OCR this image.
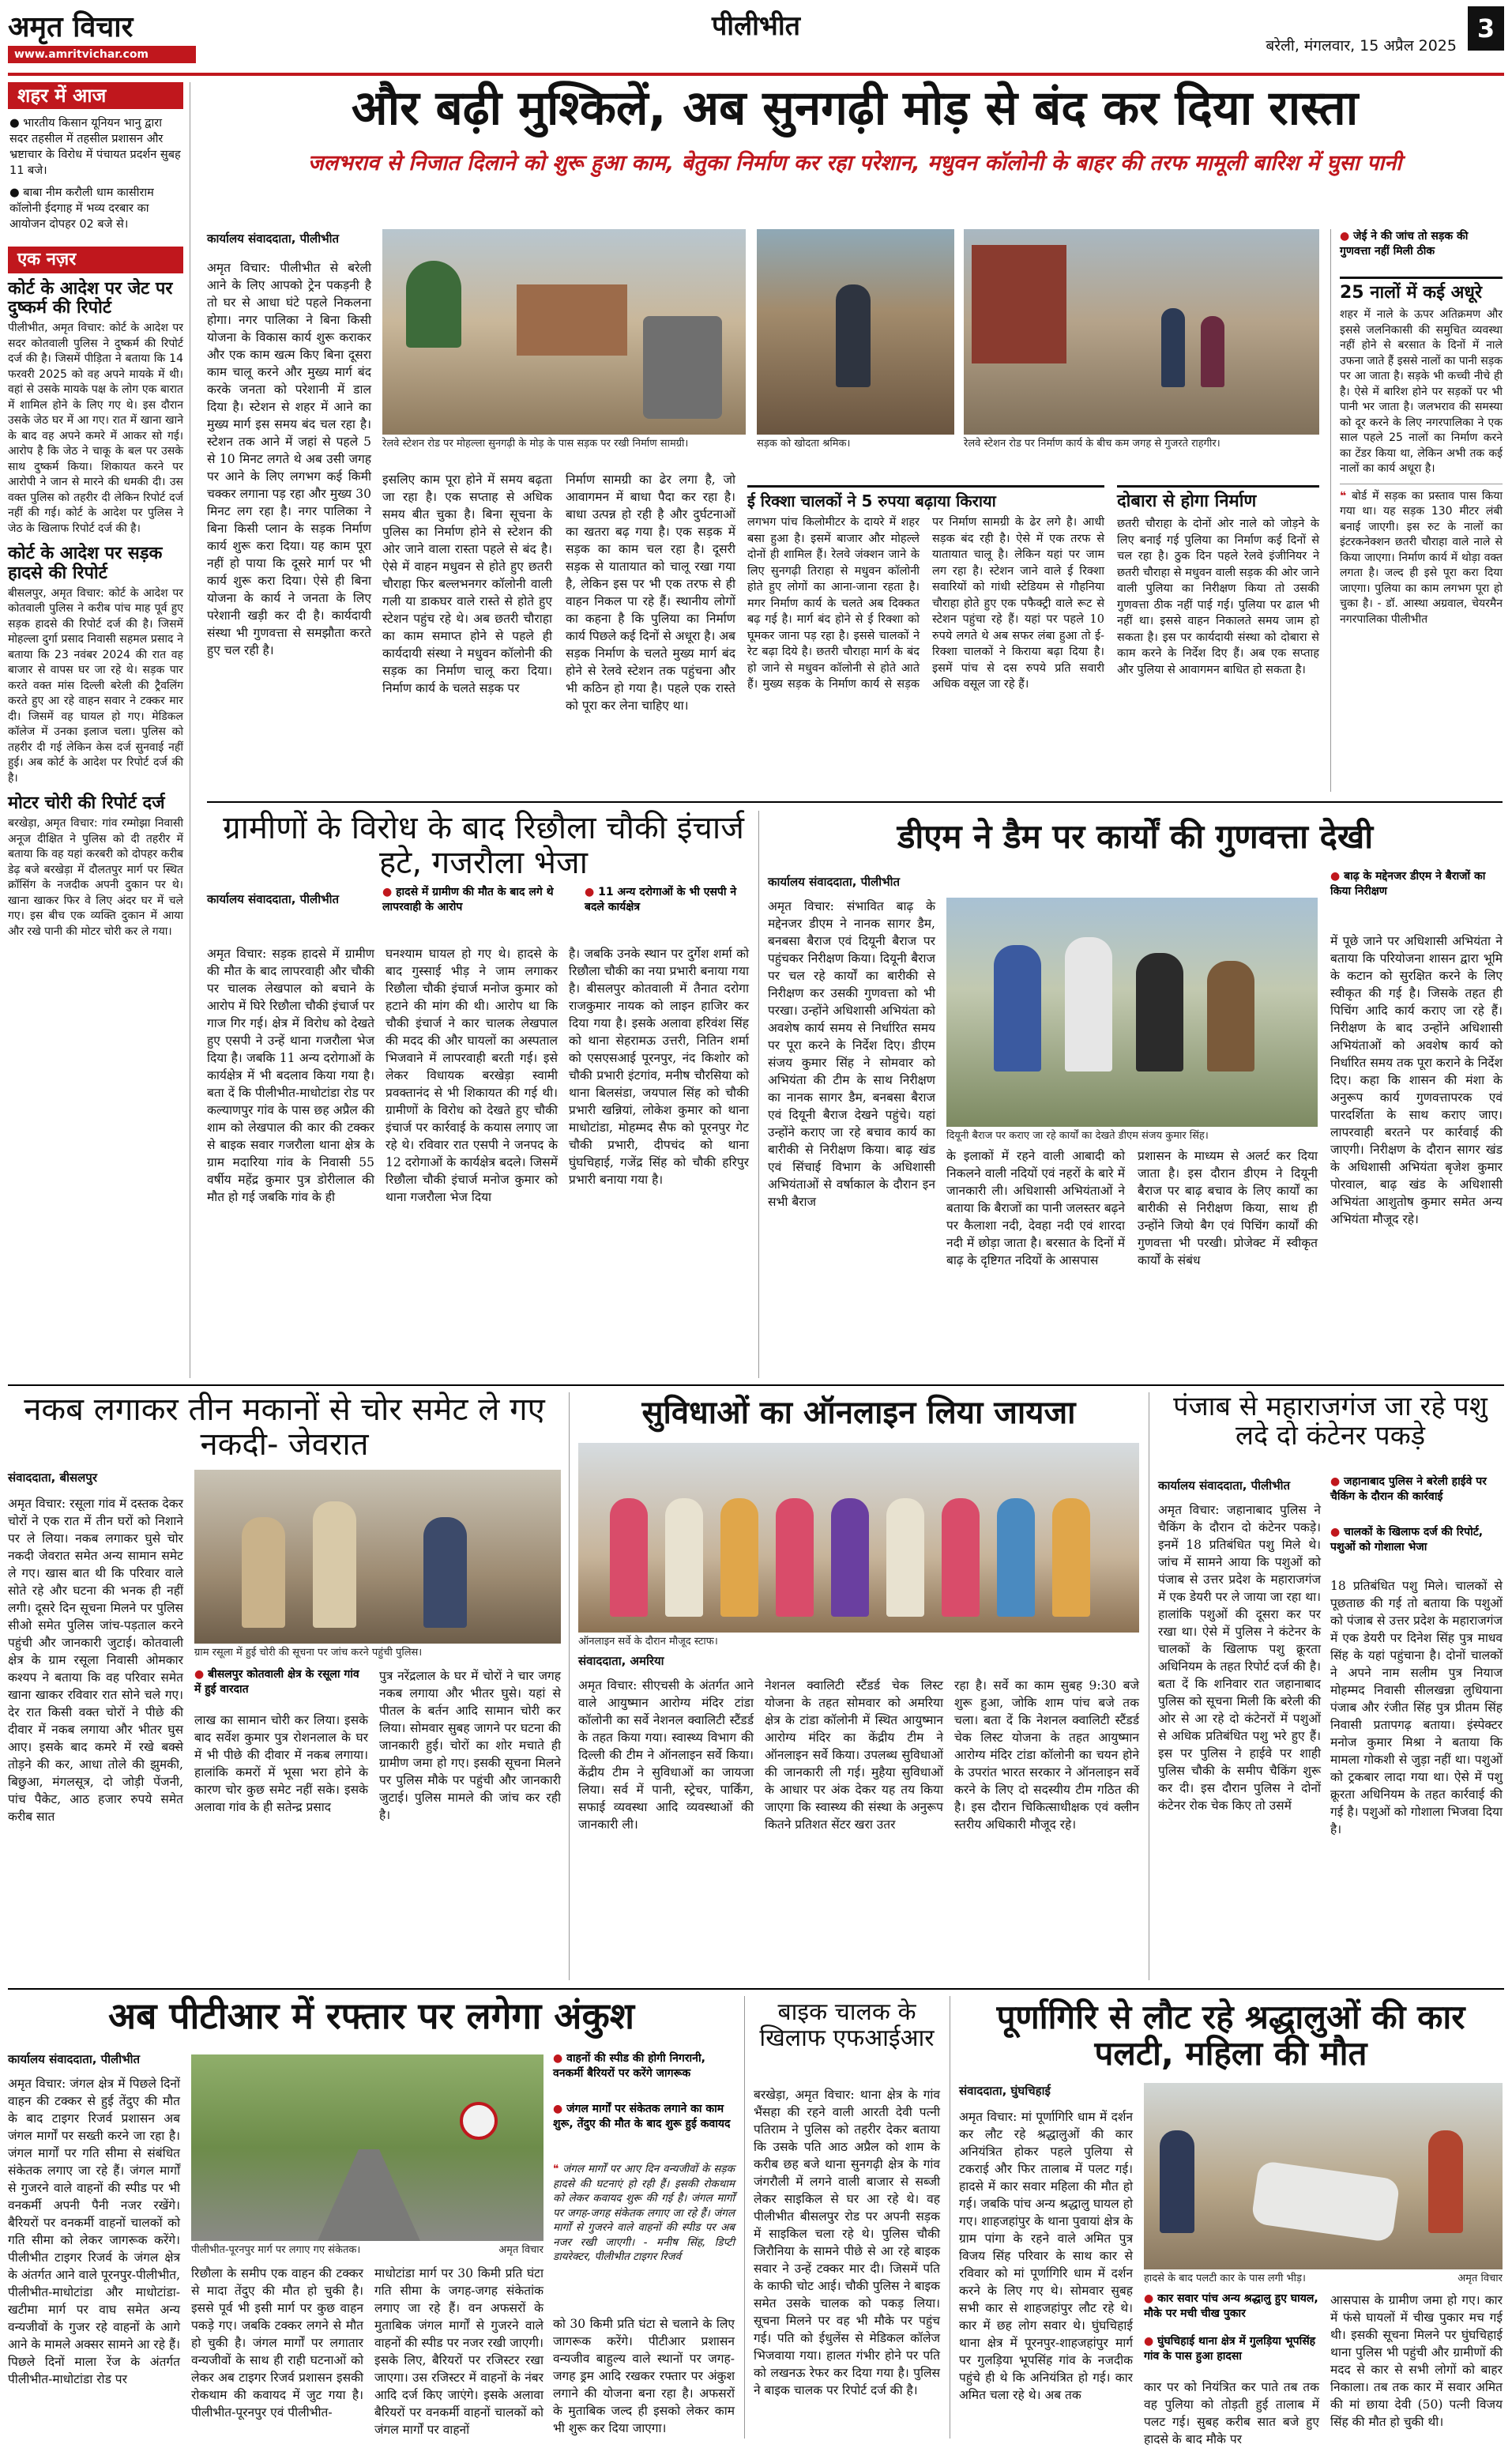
अमृत विचार
www.amritvichar.com
पीलीभीत
बरेली, मंगलवार, 15 अप्रैल 2025
3
शहर में आज
● भारतीय किसान यूनियन भानु द्वारा सदर तहसील में तहसील प्रशासन और भ्रष्टाचार के विरोध में पंचायत प्रदर्शन सुबह 11 बजे।
● बाबा नीम करौली धाम कासीराम कॉलोनी ईदगाह में भव्य दरबार का आयोजन दोपहर 02 बजे से।
एक नज़र
कोर्ट के आदेश पर जेट पर दुष्कर्म की रिपोर्ट
पीलीभीत, अमृत विचार: कोर्ट के आदेश पर सदर कोतवाली पुलिस ने दुष्कर्म की रिपोर्ट दर्ज की है। जिसमें पीड़िता ने बताया कि 14 फरवरी 2025 को वह अपने मायके में थी। वहां से उसके मायके पक्ष के लोग एक बारात में शामिल होने के लिए गए थे। इस दौरान उसके जेठ घर में आ गए। रात में खाना खाने के बाद वह अपने कमरे में आकर सो गई। आरोप है कि जेठ ने चाकू के बल पर उसके साथ दुष्कर्म किया। शिकायत करने पर आरोपी ने जान से मारने की धमकी दी। उस वक्त पुलिस को तहरीर दी लेकिन रिपोर्ट दर्ज नहीं की गई। कोर्ट के आदेश पर पुलिस ने जेठ के खिलाफ रिपोर्ट दर्ज की है।
कोर्ट के आदेश पर सड़क हादसे की रिपोर्ट
बीसलपुर, अमृत विचार: कोर्ट के आदेश पर कोतवाली पुलिस ने करीब पांच माह पूर्व हुए सड़क हादसे की रिपोर्ट दर्ज की है। जिसमें मोहल्ला दुर्गा प्रसाद निवासी सहमल प्रसाद ने बताया कि 23 नवंबर 2024 की रात वह बाजार से वापस घर जा रहे थे। सड़क पार करते वक्त मांस दिल्ली बरेली की ट्रैवलिंग करते हुए आ रहे वाहन सवार ने टक्कर मार दी। जिसमें वह घायल हो गए। मेडिकल कॉलेज में उनका इलाज चला। पुलिस को तहरीर दी गई लेकिन केस दर्ज सुनवाई नहीं हुई। अब कोर्ट के आदेश पर रिपोर्ट दर्ज की है।
मोटर चोरी की रिपोर्ट दर्ज
बरखेड़ा, अमृत विचार: गांव रम्मोझा निवासी अनूज दीक्षित ने पुलिस को दी तहरीर में बताया कि वह यहां करबरी को दोपहर करीब डेढ़ बजे बरखेड़ा में दौलतपुर मार्ग पर स्थित क्रॉसिंग के नजदीक अपनी दुकान पर थे। खाना खाकर फिर वे लिए अंदर घर में चले गए। इस बीच एक व्यक्ति दुकान में आया और रखे पानी की मोटर चोरी कर ले गया।
और बढ़ी मुश्किलें, अब सुनगढ़ी मोड़ से बंद कर दिया रास्ता
जलभराव से निजात दिलाने को शुरू हुआ काम, बेतुका निर्माण कर रहा परेशान, मधुवन कॉलोनी के बाहर की तरफ मामूली बारिश में घुसा पानी
कार्यालय संवाददाता, पीलीभीत
अमृत विचार: पीलीभीत से बरेली आने के लिए आपको ट्रेन पकड़नी है तो घर से आधा घंटे पहले निकलना होगा। नगर पालिका ने बिना किसी योजना के विकास कार्य शुरू कराकर और एक काम खत्म किए बिना दूसरा काम चालू करने और मुख्य मार्ग बंद करके जनता को परेशानी में डाल दिया है। स्टेशन से शहर में आने का मुख्य मार्ग इस समय बंद चल रहा है। स्टेशन तक आने में जहां से पहले 5 से 10 मिनट लगते थे अब उसी जगह पर आने के लिए लगभग कई किमी चक्कर लगाना पड़ रहा और मुख्य 30 मिनट लग रहा है। नगर पालिका ने बिना किसी प्लान के सड़क निर्माण कार्य शुरू करा दिया। यह काम पूरा नहीं हो पाया कि दूसरे मार्ग पर भी कार्य शुरू करा दिया। ऐसे ही बिना योजना के कार्य ने जनता के लिए परेशानी खड़ी कर दी है। कार्यदायी संस्था भी गुणवत्ता से समझौता करते हुए चल रही है।
रेलवे स्टेशन रोड पर मोहल्ला सुनगढ़ी के मोड़ के पास सड़क पर रखी निर्माण सामग्री।	सड़क को खोदता श्रमिक।	रेलवे स्टेशन रोड पर निर्माण कार्य के बीच कम जगह से गुजरते राहगीर।
इसलिए काम पूरा होने में समय बढ़ता जा रहा है। एक सप्ताह से अधिक समय बीत चुका है। बिना सूचना के पुलिस का निर्माण होने से स्टेशन की ओर जाने वाला रास्ता पहले से बंद है। ऐसे में वाहन मधुवन से होते हुए छतरी चौराहा फिर बल्लभनगर कॉलोनी वाली गली या डाकघर वाले रास्ते से होते हुए स्टेशन पहुंच रहे थे। अब छतरी चौराहा का काम समाप्त होने से पहले ही कार्यदायी संस्था ने मधुवन कॉलोनी की सड़क का निर्माण चालू करा दिया। निर्माण कार्य के चलते सड़क पर
निर्माण सामग्री का ढेर लगा है, जो आवागमन में बाधा पैदा कर रहा है। बाधा उत्पन्न हो रही है और दुर्घटनाओं का खतरा बढ़ गया है। एक सड़क में सड़क का काम चल रहा है। दूसरी सड़क से यातायात को चालू रखा गया है, लेकिन इस पर भी एक तरफ से ही वाहन निकल पा रहे हैं। स्थानीय लोगों का कहना है कि पुलिया का निर्माण कार्य पिछले कई दिनों से अधूरा है। अब सड़क निर्माण के चलते मुख्य मार्ग बंद होने से रेलवे स्टेशन तक पहुंचना और भी कठिन हो गया है। पहले एक रास्ते को पूरा कर लेना चाहिए था।
ई रिक्शा चालकों ने 5 रुपया बढ़ाया किराया
लगभग पांच किलोमीटर के दायरे में शहर बसा हुआ है। इसमें बाजार और मोहल्ले दोनों ही शामिल हैं। रेलवे जंक्शन जाने के लिए सुनगढ़ी तिराहा से मधुवन कॉलोनी होते हुए लोगों का आना-जाना रहता है। मगर निर्माण कार्य के चलते अब दिक्कत बढ़ गई है। मार्ग बंद होने से ई रिक्शा को घूमकर जाना पड़ रहा है। इससे चालकों ने रेट बढ़ा दिये है। छतरी चौराहा मार्ग के बंद हो जाने से मधुवन कॉलोनी से होते आते हैं। मुख्य सड़क के निर्माण कार्य से सड़क पर निर्माण सामग्री के ढेर लगे है। आधी सड़क बंद रही है। ऐसे में एक तरफ से यातायात चालू है। लेकिन यहां पर जाम लग रहा है। स्टेशन जाने वाले ई रिक्शा सवारियों को गांधी स्टेडियम से गौहनिया चौराहा होते हुए एक पफैक्ट्री वाले रूट से स्टेशन पहुंचा रहे हैं। यहां पर पहले 10 रुपये लगते थे अब सफर लंबा हुआ तो ई-रिक्शा चालकों ने किराया बढ़ा दिया है। इसमें पांच से दस रुपये प्रति सवारी अधिक वसूल जा रहे हैं।
दोबारा से होगा निर्माण
छतरी चौराहा के दोनों ओर नाले को जोड़ने के लिए बनाई गई पुलिया का निर्माण कई दिनों से चल रहा है। ठुक दिन पहले रेलवे इंजीनियर ने छतरी चौराहा से मधुवन वाली सड़क की ओर जाने वाली पुलिया का निरीक्षण किया तो उसकी गुणवत्ता ठीक नहीं पाई गई। पुलिया पर ढाल भी नहीं था। इससे वाहन निकालते समय जाम हो सकता है। इस पर कार्यदायी संस्था को दोबारा से काम करने के निर्देश दिए हैं। अब एक सप्ताह और पुलिया से आवागमन बाधित हो सकता है।
● जेई ने की जांच तो सड़क की गुणवत्ता नहीं मिली ठीक
25 नालों में कई अधूरे
शहर में नाले के ऊपर अतिक्रमण और इससे जलनिकासी की समुचित व्यवस्था नहीं होने से बरसात के दिनों में नाले उफना जाते हैं इससे नालों का पानी सड़क पर आ जाता है। सड़के भी कच्ची नीचे ही है। ऐसे में बारिश होने पर सड़कों पर भी पानी भर जाता है। जलभराव की समस्या को दूर करने के लिए नगरपालिका ने एक साल पहले 25 नालों का निर्माण करने का टेंडर किया था, लेकिन अभी तक कई नालों का कार्य अधूरा है।
❝ बोर्ड में सड़क का प्रस्ताव पास किया गया था। यह सड़क 130 मीटर लंबी बनाई जाएगी। इस रुट के नालों का इंटरकनेक्शन छतरी चौराहा वाले नाले से किया जाएगा। निर्माण कार्य में थोड़ा वक्त लगता है। जल्द ही इसे पूरा करा दिया जाएगा। पुलिया का काम लगभग पूरा हो चुका है। - डॉ. आस्था अग्रवाल, चेयरमैन नगरपालिका पीलीभीत
ग्रामीणों के विरोध के बाद रिछौला चौकी इंचार्ज हटे, गजरौला भेजा
कार्यालय संवाददाता, पीलीभीत	● हादसे में ग्रामीण की मौत के बाद लगे थे लापरवाही के आरोप
● 11 अन्य दरोगाओं के भी एसपी ने बदले कार्यक्षेत्र
अमृत विचार: सड़क हादसे में ग्रामीण की मौत के बाद लापरवाही और चौकी पर चालक लेखपाल को बचाने के आरोप में घिरे रिछौला चौकी इंचार्ज पर गाज गिर गई। क्षेत्र में विरोध को देखते हुए एसपी ने उन्हें थाना गजरौला भेज दिया है। जबकि 11 अन्य दरोगाओं के कार्यक्षेत्र में भी बदलाव किया गया है। बता दें कि पीलीभीत-माधोटांडा रोड पर कल्याणपुर गांव के पास छह अप्रैल की शाम को लेखपाल की कार की टक्कर से बाइक सवार गजरौला थाना क्षेत्र के ग्राम मदारिया गांव के निवासी 55 वर्षीय महेंद्र कुमार पुत्र डोरीलाल की मौत हो गई जबकि गांव के ही
घनश्याम घायल हो गए थे। हादसे के बाद गुस्साई भीड़ ने जाम लगाकर रिछौला चौकी इंचार्ज मनोज कुमार को हटाने की मांग की थी। आरोप था कि चौकी इंचार्ज ने कार चालक लेखपाल की मदद की और घायलों का अस्पताल भिजवाने में लापरवाही बरती गई। इसे लेकर विधायक बरखेड़ा स्वामी प्रवक्तानंद से भी शिकायत की गई थी। ग्रामीणों के विरोध को देखते हुए चौकी इंचार्ज पर कार्रवाई के कयास लगाए जा रहे थे। रविवार रात एसपी ने जनपद के 12 दरोगाओं के कार्यक्षेत्र बदले। जिसमें रिछौला चौकी इंचार्ज मनोज कुमार को थाना गजरौला भेज दिया
है। जबकि उनके स्थान पर दुर्गेश शर्मा को रिछौला चौकी का नया प्रभारी बनाया गया है। बीसलपुर कोतवाली में तैनात दरोगा राजकुमार नायक को लाइन हाजिर कर दिया गया है। इसके अलावा हरिवंश सिंह को थाना सेहरामऊ उत्तरी, नितिन शर्मा को एसएसआई पूरनपुर, नंद किशोर को चौकी प्रभारी इंटगांव, मनीष चौरसिया को थाना बिलसंडा, जयपाल सिंह को चौकी प्रभारी खन्नियां, लोकेश कुमार को थाना माधोटांडा, मोहम्मद सैफ को पूरनपुर गेट चौकी प्रभारी, दीपचंद को थाना घुंघचिहाई, गजेंद्र सिंह को चौकी हरिपुर प्रभारी बनाया गया है।
डीएम ने डैम पर कार्यों की गुणवत्ता देखी
कार्यालय संवाददाता, पीलीभीत	● बाढ़ के मद्देनजर डीएम ने बैराजों का किया निरीक्षण
अमृत विचार: संभावित बाढ़ के मद्देनजर डीएम ने नानक सागर डैम, बनबसा बैराज एवं दियूनी बैराज पर पहुंचकर निरीक्षण किया। दियूनी बैराज पर चल रहे कार्यों का बारीकी से निरीक्षण कर उसकी गुणवत्ता को भी परखा। उन्होंने अधिशासी अभियंता को अवशेष कार्य समय से निर्धारित समय पर पूरा करने के निर्देश दिए। डीएम संजय कुमार सिंह ने सोमवार को अभियंता की टीम के साथ निरीक्षण का नानक सागर डैम, बनबसा बैराज एवं दियूनी बैराज देखने पहुंचे। यहां उन्होंने कराए जा रहे बचाव कार्य का बारीकी से निरीक्षण किया। बाढ़ खंड एवं सिंचाई विभाग के अधिशासी अभियंताओं से वर्षाकाल के दौरान इन सभी बैराज
दियूनी बैराज पर कराए जा रहे कार्यों का देखते डीएम संजय कुमार सिंह।
के इलाकों में रहने वाली आबादी को निकलने वाली नदियों एवं नहरों के बारे में जानकारी ली। अधिशासी अभियंताओं ने बताया कि बैराजों का पानी जलस्तर बढ़ने पर कैलाशा नदी, देवहा नदी एवं शारदा नदी में छोड़ा जाता है। बरसात के दिनों में बाढ़ के दृष्टिगत नदियों के आसपास
प्रशासन के माध्यम से अलर्ट कर दिया जाता है। इस दौरान डीएम ने दियूनी बैराज पर बाढ़ बचाव के लिए कार्यों का बारीकी से निरीक्षण किया, साथ ही उन्होंने जियो बैग एवं पिचिंग कार्यों की गुणवत्ता भी परखी। प्रोजेक्ट में स्वीकृत कार्यों के संबंध
में पूछे जाने पर अधिशासी अभियंता ने बताया कि परियोजना शासन द्वारा भूमि के कटान को सुरक्षित करने के लिए स्वीकृत की गई है। जिसके तहत ही पिचिंग आदि कार्य कराए जा रहे हैं। निरीक्षण के बाद उन्होंने अधिशासी अभियंताओं को अवशेष कार्य को निर्धारित समय तक पूरा कराने के निर्देश दिए। कहा कि शासन की मंशा के अनुरूप कार्य गुणवत्तापरक एवं पारदर्शिता के साथ कराए जाए। लापरवाही बरतने पर कार्रवाई की जाएगी। निरीक्षण के दौरान सागर खंड के अधिशासी अभियंता बृजेश कुमार पोरवाल, बाढ़ खंड के अधिशासी अभियंता आशुतोष कुमार समेत अन्य अभियंता मौजूद रहे।
नकब लगाकर तीन मकानों से चोर समेट ले गए नकदी- जेवरात
संवाददाता, बीसलपुर
अमृत विचार: रसूला गांव में दस्तक देकर चोरों ने एक रात में तीन घरों को निशाने पर ले लिया। नकब लगाकर घुसे चोर नकदी जेवरात समेत अन्य सामान समेट ले गए। खास बात थी कि परिवार वाले सोते रहे और घटना की भनक ही नहीं लगी। दूसरे दिन सूचना मिलने पर पुलिस सीओ समेत पुलिस जांच-पड़ताल करने पहुंची और जानकारी जुटाई। कोतवाली क्षेत्र के ग्राम रसूला निवासी ओमकार कश्यप ने बताया कि वह परिवार समेत खाना खाकर रविवार रात सोने चले गए। देर रात किसी वक्त चोरों ने पीछे की दीवार में नकब लगाया और भीतर घुस आए। इसके बाद कमरे में रखे बक्से तोड़ने की कर, आधा तोले की झुमकी, बिछुआ, मंगलसूत्र, दो जोड़ी पेंजनी, पांच पैकेट, आठ हजार रुपये समेत करीब सात
ग्राम रसूला में हुई चोरी की सूचना पर जांच करने पहुंची पुलिस।
● बीसलपुर कोतवाली क्षेत्र के रसूला गांव में हुई वारदात
लाख का सामान चोरी कर लिया। इसके बाद सर्वेश कुमार पुत्र रोशनलाल के घर में भी पीछे की दीवार में नकब लगाया। हालांकि कमरों में भूसा भरा होने के कारण चोर कुछ समेट नहीं सके। इसके अलावा गांव के ही सतेन्द्र प्रसाद
पुत्र नरेंद्रलाल के घर में चोरों ने चार जगह नकब लगाया और भीतर घुसे। यहां से पीतल के बर्तन आदि सामान चोरी कर लिया। सोमवार सुबह जागने पर घटना की जानकारी हुई। चोरों का शोर मचाते ही ग्रामीण जमा हो गए। इसकी सूचना मिलने पर पुलिस मौके पर पहुंची और जानकारी जुटाई। पुलिस मामले की जांच कर रही है।
सुविधाओं का ऑनलाइन लिया जायजा
ऑनलाइन सर्वे के दौरान मौजूद स्टाफ।
संवाददाता, अमरिया
अमृत विचार: सीएचसी के अंतर्गत आने वाले आयुष्मान आरोग्य मंदिर टांडा कॉलोनी का सर्वे नेशनल क्वालिटी स्टैंडर्ड के तहत किया गया। स्वास्थ्य विभाग की दिल्ली की टीम ने ऑनलाइन सर्वे किया। केंद्रीय टीम ने सुविधाओं का जायजा लिया। सर्व में पानी, स्ट्रेचर, पार्किंग, सफाई व्यवस्था आदि व्यवस्थाओं की जानकारी ली।
नेशनल क्वालिटी स्टैंडर्ड चेक लिस्ट योजना के तहत सोमवार को अमरिया क्षेत्र के टांडा कॉलोनी में स्थित आयुष्मान आरोग्य मंदिर का केंद्रीय टीम ने ऑनलाइन सर्वे किया। उपलब्ध सुविधाओं की जानकारी ली गई। मुहैया सुविधाओं के आधार पर अंक देकर यह तय किया जाएगा कि स्वास्थ्य की संस्था के अनुरूप कितने प्रतिशत सेंटर खरा उतर
रहा है। सर्वे का काम सुबह 9:30 बजे शुरू हुआ, जोकि शाम पांच बजे तक चला। बता दें कि नेशनल क्वालिटी स्टैंडर्ड चेक लिस्ट योजना के तहत आयुष्मान आरोग्य मंदिर टांडा कॉलोनी का चयन होने के उपरांत भारत सरकार ने ऑनलाइन सर्वे करने के लिए दो सदस्यीय टीम गठित की है। इस दौरान चिकित्साधीक्षक एवं क्लीन स्तरीय अधिकारी मौजूद रहे।
पंजाब से महाराजगंज जा रहे पशु लदे दो कंटेनर पकड़े
कार्यालय संवाददाता, पीलीभीत	● जहानाबाद पुलिस ने बरेली हाईवे पर चैकिंग के दौरान की कार्रवाई
● चालकों के खिलाफ दर्ज की रिपोर्ट, पशुओं को गोशाला भेजा
अमृत विचार: जहानाबाद पुलिस ने चैकिंग के दौरान दो कंटेनर पकड़े। इनमें 18 प्रतिबंधित पशु मिले थे। जांच में सामने आया कि पशुओं को पंजाब से उत्तर प्रदेश के महाराजगंज में एक डेयरी पर ले जाया जा रहा था। हालांकि पशुओं की दूसरा कर पर रखा था। ऐसे में पुलिस ने कंटेनर के चालकों के खिलाफ पशु क्रूरता अधिनियम के तहत रिपोर्ट दर्ज की है। बता दें कि शनिवार रात जहानाबाद पुलिस को सूचना मिली कि बरेली की ओर से आ रहे दो कंटेनरों में पशुओं से अधिक प्रतिबंधित पशु भरे हुए हैं। इस पर पुलिस ने हाईवे पर शाही पुलिस चौकी के समीप चैकिंग शुरू कर दी। इस दौरान पुलिस ने दोनों कंटेनर रोक चेक किए तो उसमें
18 प्रतिबंधित पशु मिले। चालकों से पूछताछ की गई तो बताया कि पशुओं को पंजाब से उत्तर प्रदेश के महाराजगंज में एक डेयरी पर दिनेश सिंह पुत्र माधव सिंह के यहां पहुंचाना है। दोनों चालकों ने अपने नाम सलीम पुत्र नियाज मोहम्मद निवासी सीलखन्ना लुधियाना पंजाब और रंजीत सिंह पुत्र प्रीतम सिंह निवासी प्रतापगढ़ बताया। इंस्पेक्टर मनोज कुमार मिश्रा ने बताया कि मामला गोकशी से जुड़ा नहीं था। पशुओं को ट्रकबार लादा गया था। ऐसे में पशु क्रूरता अधिनियम के तहत कार्रवाई की गई है। पशुओं को गोशाला भिजवा दिया है।
अब पीटीआर में रफ्तार पर लगेगा अंकुश
कार्यालय संवाददाता, पीलीभीत	● वाहनों की स्पीड की होगी निगरानी, वनकर्मी बैरियरों पर करेंगे जागरूक
● जंगल मार्गों पर संकेतक लगाने का काम शुरू, तेंदुए की मौत के बाद शुरू हुई कवायद
अमृत विचार: जंगल क्षेत्र में पिछले दिनों वाहन की टक्कर से हुई तेंदुए की मौत के बाद टाइगर रिजर्व प्रशासन अब जंगल मार्गों पर सख्ती करने जा रहा है। जंगल मार्गों पर गति सीमा से संबंधित संकेतक लगाए जा रहे हैं। जंगल मार्गों से गुजरने वाले वाहनों की स्पीड पर भी वनकर्मी अपनी पैनी नजर रखेंगे। बैरियरों पर वनकर्मी वाहनों चालकों को गति सीमा को लेकर जागरूक करेंगे। पीलीभीत टाइगर रिजर्व के जंगल क्षेत्र के अंतर्गत आने वाले पूरनपुर-पीलीभीत, पीलीभीत-माधोटांडा और माधोटांडा-खटीमा मार्ग पर वाघ समेत अन्य वन्यजीवों के गुजर रहे वाहनों के आगे आने के मामले अक्सर सामने आ रहे हैं। पिछले दिनों माला रेंज के अंतर्गत पीलीभीत-माधोटांडा रोड पर
पीलीभीत-पूरनपुर मार्ग पर लगाए गए संकेतक।	अमृत विचार
❝ जंगल मार्गों पर आए दिन वन्यजीवों के सड़क हादसे की घटनाएं हो रही हैं। इसकी रोकथाम को लेकर कवायद शुरू की गई है। जंगल मार्गों पर जगह-जगह संकेतक लगाए जा रहे हैं। जंगल मार्गों से गुजरने वाले वाहनों की स्पीड पर अब नजर रखी जाएगी। - मनीष सिंह, डिप्टी डायरेक्टर, पीलीभीत टाइगर रिजर्व
रिछौला के समीप एक वाहन की टक्कर से मादा तेंदुए की मौत हो चुकी है। इससे पूर्व भी इसी मार्ग पर कुछ वाहन पकड़े गए। जबकि टक्कर लगने से मौत हो चुकी है। जंगल मार्गों पर लगातार वन्यजीवों के साथ ही राही घटनाओं को लेकर अब टाइगर रिजर्व प्रशासन इसकी रोकथाम की कवायद में जुट गया है। पीलीभीत-पूरनपुर एवं पीलीभीत-
माधोटांडा मार्ग पर 30 किमी प्रति घंटा गति सीमा के जगह-जगह संकेतांक लगाए जा रहे हैं। वन अफसरों के मुताबिक जंगल मार्गों से गुजरने वाले वाहनों की स्पीड पर नजर रखी जाएगी। इसके लिए, बैरियरों पर रजिस्टर रखा जाएगा। उस रजिस्टर में वाहनों के नंबर आदि दर्ज किए जाएंगे। इसके अलावा बैरियरों पर वनकर्मी वाहनों चालकों को जंगल मार्गों पर वाहनों
को 30 किमी प्रति घंटा से चलाने के लिए जागरूक करेंगे। पीटीआर प्रशासन वन्यजीव बाहुल्य वाले स्थानों पर जगह-जगह ड्रम आदि रखकर रफ्तार पर अंकुश लगाने की योजना बना रहा है। अफसरों के मुताबिक जल्द ही इसको लेकर काम भी शुरू कर दिया जाएगा।
बाइक चालक के खिलाफ एफआईआर
बरखेड़ा, अमृत विचार: थाना क्षेत्र के गांव भैंसहा की रहने वाली आरती देवी पत्नी पतिराम ने पुलिस को तहरीर देकर बताया कि उसके पति आठ अप्रैल को शाम के करीब छह बजे थाना सुनगढ़ी क्षेत्र के गांव जंगरौली में लगने वाली बाजार से सब्जी लेकर साइकिल से घर आ रहे थे। वह पीलीभीत बीसलपुर रोड पर अपनी सड़क में साइकिल चला रहे थे। पुलिस चौकी जिरौनिया के सामने पीछे से आ रहे बाइक सवार ने उन्हें टक्कर मार दी। जिसमें पति के काफी चोट आई। चौकी पुलिस ने बाइक समेत उसके चालक को पकड़ लिया। सूचना मिलने पर वह भी मौके पर पहुंच गई। पति को ईधुलेंस से मेडिकल कॉलेज भिजवाया गया। हालत गंभीर होने पर पति को लखनऊ रेफर कर दिया गया है। पुलिस ने बाइक चालक पर रिपोर्ट दर्ज की है।
पूर्णागिरि से लौट रहे श्रद्धालुओं की कार पलटी, महिला की मौत
संवाददाता, घुंघचिहाई
अमृत विचार: मां पूर्णागिरि धाम में दर्शन कर लौट रहे श्रद्धालुओं की कार अनियंत्रित होकर पहले पुलिया से टकराई और फिर तालाब में पलट गई। हादसे में कार सवार महिला की मौत हो गई। जबकि पांच अन्य श्रद्धालु घायल हो गए। शाहजहांपुर के थाना पुवायां क्षेत्र के ग्राम पांगा के रहने वाले अमित पुत्र विजय सिंह परिवार के साथ कार से रविवार को मां पूर्णागिरि धाम में दर्शन करने के लिए गए थे। सोमवार सुबह सभी कार से शाहजहांपुर लौट रहे थे। कार में छह लोग सवार थे। घुंघचिहाई थाना क्षेत्र में पूरनपुर-शाहजहांपुर मार्ग पर गुलड़िया भूपसिंह गांव के नजदीक पहुंचे ही थे कि अनियंत्रित हो गई। कार अमित चला रहे थे। अब तक
हादसे के बाद पलटी कार के पास लगी भीड़।	अमृत विचार
● कार सवार पांच अन्य श्रद्धालु हुए घायल, मौके पर मची चीख पुकार
● घुंघचिहाई थाना क्षेत्र में गुलड़िया भूपसिंह गांव के पास हुआ हादसा
कार पर को नियंत्रित कर पाते तब तक वह पुलिया को तोड़ती हुई तालाब में पलट गई। सुबह करीब सात बजे हुए हादसे के बाद मौके पर
आसपास के ग्रामीण जमा हो गए। कार में फंसे घायलों में चीख पुकार मच गई थी। इसकी सूचना मिलने पर घुंघचिहाई थाना पुलिस भी पहुंची और ग्रामीणों की मदद से कार से सभी लोगों को बाहर निकाला। तब तक कार में सवार अमित की मां छाया देवी (50) पत्नी विजय सिंह की मौत हो चुकी थी।
